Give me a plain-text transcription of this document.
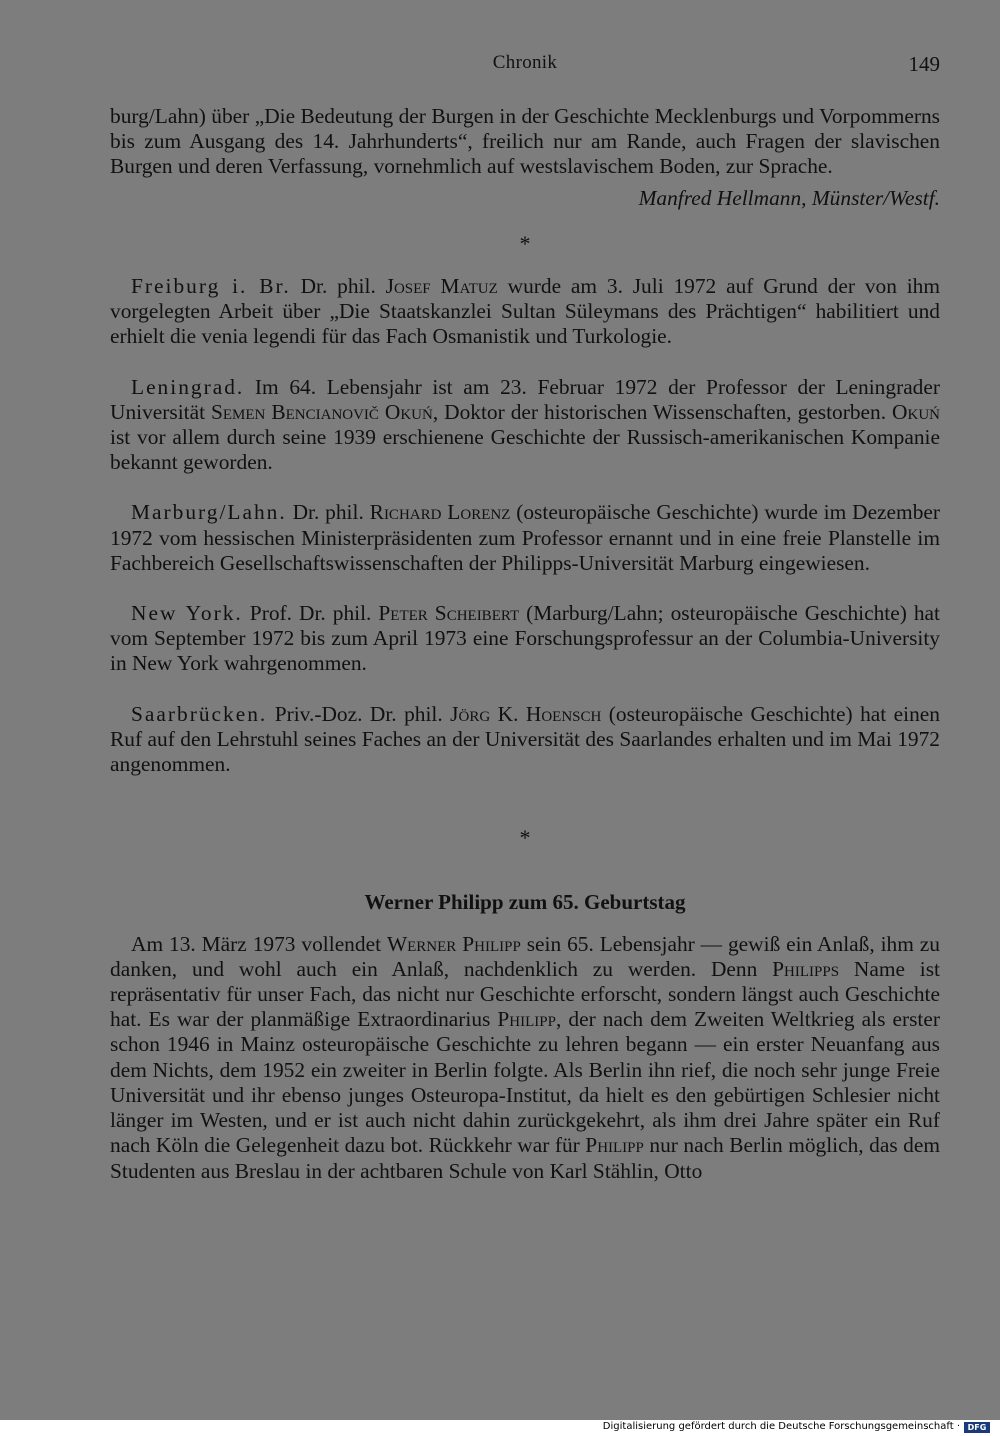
Chronik	149

burg/Lahn) über „Die Bedeutung der Burgen in der Geschichte Mecklenburgs und Vorpommerns bis zum Ausgang des 14. Jahrhunderts“, freilich nur am Rande, auch Fragen der slavischen Burgen und deren Verfassung, vornehmlich auf westslavischem Boden, zur Sprache.

Manfred Hellmann, Münster/Westf.

*

Freiburg i. Br. Dr. phil. Josef Matuz wurde am 3. Juli 1972 auf Grund der von ihm vorgelegten Arbeit über „Die Staatskanzlei Sultan Süleymans des Prächtigen“ habilitiert und erhielt die venia legendi für das Fach Osmanistik und Turkologie.

Leningrad. Im 64. Lebensjahr ist am 23. Februar 1972 der Professor der Leningrader Universität Semen Bencianovič Okuń, Doktor der historischen Wissenschaften, gestorben. Okuń ist vor allem durch seine 1939 erschienene Geschichte der Russisch-amerikanischen Kompanie bekannt geworden.

Marburg/Lahn. Dr. phil. Richard Lorenz (osteuropäische Geschichte) wurde im Dezember 1972 vom hessischen Ministerpräsidenten zum Professor ernannt und in eine freie Planstelle im Fachbereich Gesellschaftswissenschaften der Philipps-Universität Marburg eingewiesen.

New York. Prof. Dr. phil. Peter Scheibert (Marburg/Lahn; osteuropäische Geschichte) hat vom September 1972 bis zum April 1973 eine Forschungsprofessur an der Columbia-University in New York wahrgenommen.

Saarbrücken. Priv.-Doz. Dr. phil. Jörg K. Hoensch (osteuropäische Geschichte) hat einen Ruf auf den Lehrstuhl seines Faches an der Universität des Saarlandes erhalten und im Mai 1972 angenommen.

*
Werner Philipp zum 65. Geburtstag

Am 13. März 1973 vollendet Werner Philipp sein 65. Lebensjahr — gewiß ein Anlaß, ihm zu danken, und wohl auch ein Anlaß, nachdenklich zu werden. Denn Philipps Name ist repräsentativ für unser Fach, das nicht nur Geschichte erforscht, sondern längst auch Geschichte hat. Es war der planmäßige Extraordinarius Philipp, der nach dem Zweiten Weltkrieg als erster schon 1946 in Mainz osteuropäische Geschichte zu lehren begann — ein erster Neuanfang aus dem Nichts, dem 1952 ein zweiter in Berlin folgte. Als Berlin ihn rief, die noch sehr junge Freie Universität und ihr ebenso junges Osteuropa-Institut, da hielt es den gebürtigen Schlesier nicht länger im Westen, und er ist auch nicht dahin zurückgekehrt, als ihm drei Jahre später ein Ruf nach Köln die Gelegenheit dazu bot. Rückkehr war für Philipp nur nach Berlin möglich, das dem Studenten aus Breslau in der achtbaren Schule von Karl Stählin, Otto

Digitalisierung gefördert durch die Deutsche Forschungsgemeinschaft · DFG
